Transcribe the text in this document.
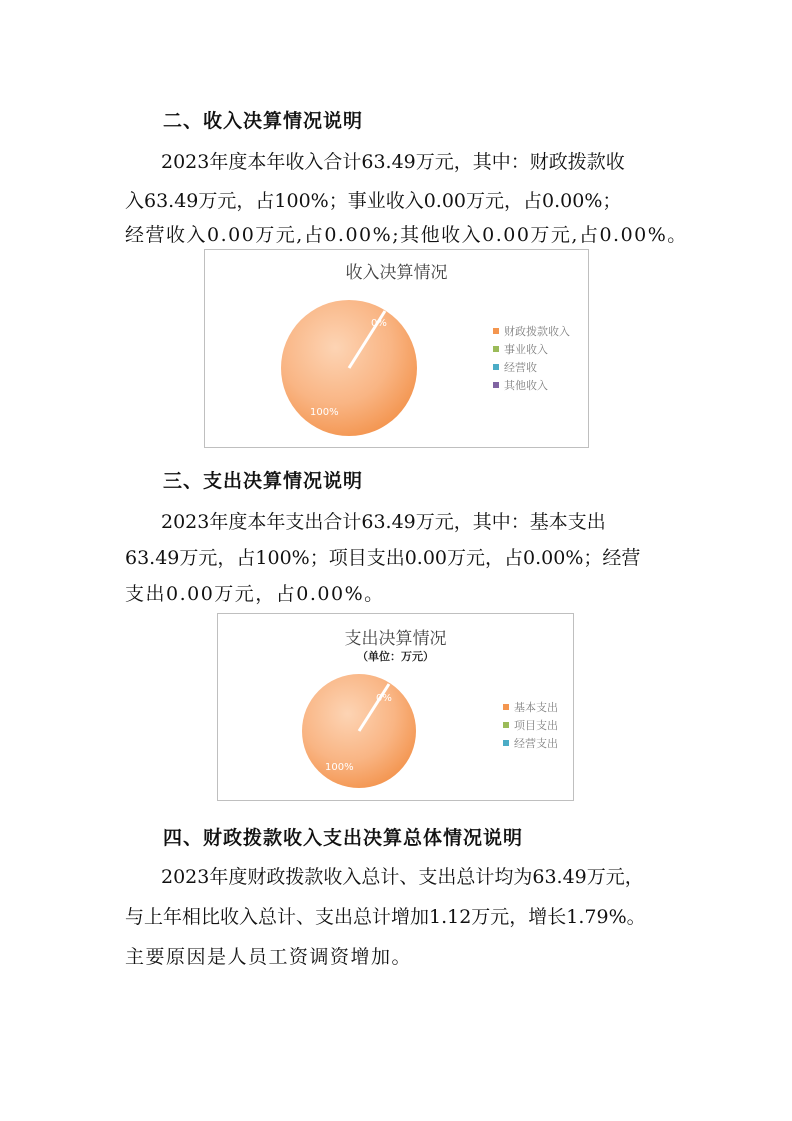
二、收入决算情况说明
2023年度本年收入合计63.49万元，其中：财政拨款收
入63.49万元，占100%；事业收入0.00万元，占0.00%；
经营收入0.00万元,占0.00%;其他收入0.00万元,占0.00%。
收入决算情况
100%
0%
财政拨款收入
事业收入
经营收
其他收入
三、支出决算情况说明
2023年度本年支出合计63.49万元，其中：基本支出
63.49万元，占100%；项目支出0.00万元，占0.00%；经营
支出0.00万元，占0.00%。
支出决算情况
（单位：万元）
100%
0%
基本支出
项目支出
经营支出
四、财政拨款收入支出决算总体情况说明
2023年度财政拨款收入总计、支出总计均为63.49万元，
与上年相比收入总计、支出总计增加1.12万元，增长1.79%。
主要原因是人员工资调资增加。
